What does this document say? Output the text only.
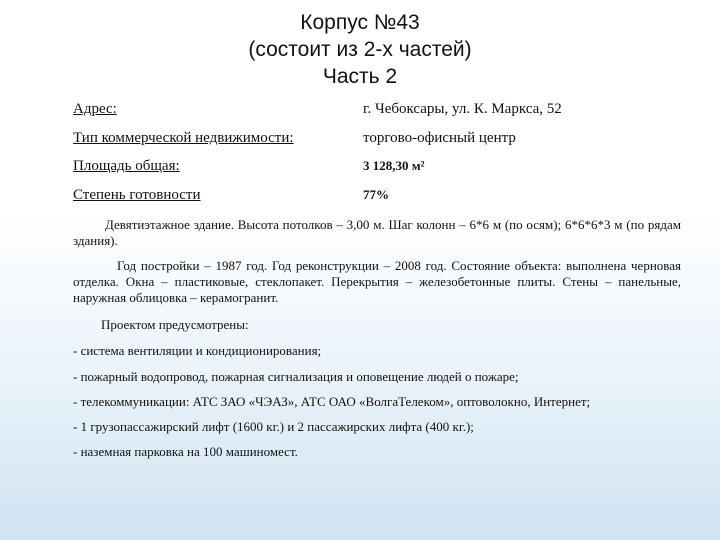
Корпус №43
(состоит из 2-х частей)
Часть 2
Адрес:	г. Чебоксары, ул. К. Маркса, 52
Тип коммерческой недвижимости:	торгово-офисный центр
Площадь общая:	3 128,30 м²
Степень готовности	77%
Девятиэтажное здание. Высота потолков – 3,00 м. Шаг колонн – 6*6 м (по осям); 6*6*6*3 м (по рядам здания).
Год постройки – 1987 год. Год реконструкции – 2008 год. Состояние объекта: выполнена черновая отделка. Окна – пластиковые, стеклопакет. Перекрытия – железобетонные плиты. Стены – панельные, наружная облицовка – керамогранит.
Проектом предусмотрены:
- система вентиляции и кондиционирования;
- пожарный водопровод, пожарная сигнализация и оповещение людей о пожаре;
- телекоммуникации: АТС ЗАО «ЧЭАЗ», АТС ОАО «ВолгаТелеком», оптоволокно, Интернет;
- 1 грузопассажирский лифт (1600 кг.) и 2 пассажирских лифта (400 кг.);
- наземная парковка на 100 машиномест.
